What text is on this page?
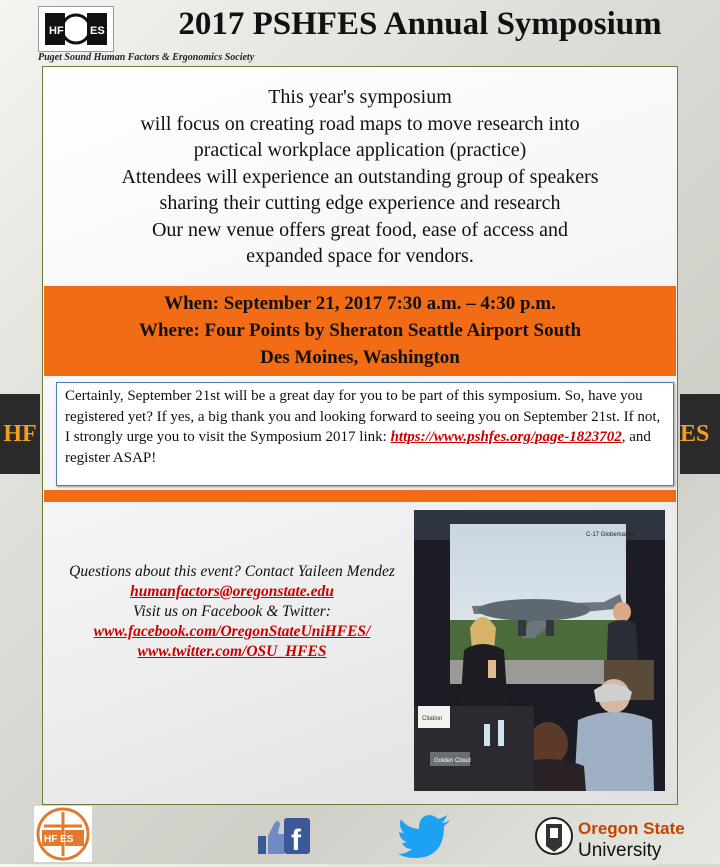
HF ES	2017 PSHFES Annual Symposium
Puget Sound Human Factors & Ergonomics Society
This year's symposium
will focus on creating road maps to move research into
practical workplace application (practice)
Attendees will experience an outstanding group of speakers
sharing their cutting edge experience and research
Our new venue offers great food, ease of access and
expanded space for vendors.
When: September 21, 2017 7:30 a.m. – 4:30 p.m.
Where: Four Points by Sheraton Seattle Airport South
Des Moines, Washington
HF	ES
Certainly, September 21st will be a great day for you to be part of this symposium. So, have you registered yet? If yes, a big thank you and looking forward to seeing you on September 21st. If not, I strongly urge you to visit the Symposium 2017 link: https://www.pshfes.org/page-1823702, and register ASAP!
Questions about this event? Contact Yaileen Mendez
humanfactors@oregonstate.edu
Visit us on Facebook & Twitter:
www.facebook.com/OregonStateUniHFES/
www.twitter.com/OSU_HFES
C-17 Globemaster
Citation
Golden Cloud
HF ES	f	Oregon State
University
